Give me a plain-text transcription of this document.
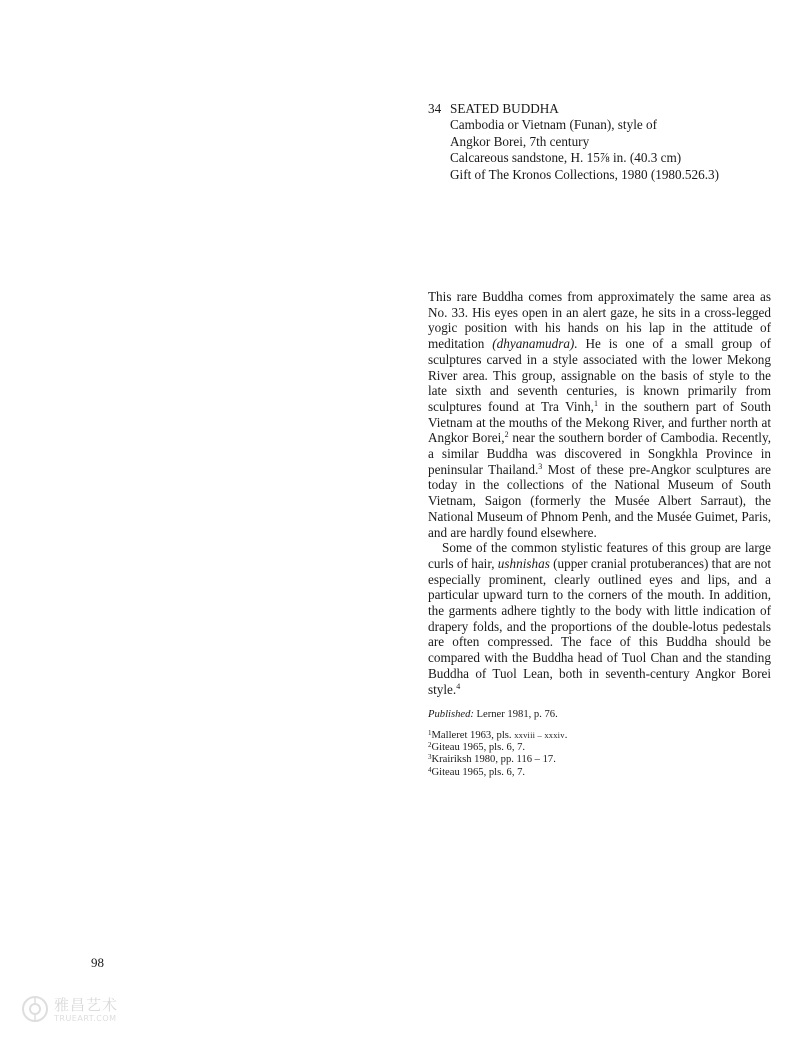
34 SEATED BUDDHA
Cambodia or Vietnam (Funan), style of
Angkor Borei, 7th century
Calcareous sandstone, H. 15⅞ in. (40.3 cm)
Gift of The Kronos Collections, 1980 (1980.526.3)

This rare Buddha comes from approximately the same area as No. 33. His eyes open in an alert gaze, he sits in a cross-legged yogic position with his hands on his lap in the attitude of meditation (dhyanamudra). He is one of a small group of sculptures carved in a style associated with the lower Mekong River area. This group, assignable on the basis of style to the late sixth and seventh centuries, is known primarily from sculptures found at Tra Vinh,$^1$ in the southern part of South Vietnam at the mouths of the Mekong River, and further north at Angkor Borei,$^2$ near the southern border of Cambodia. Recently, a similar Buddha was discovered in Songkhla Province in peninsular Thailand.$^3$ Most of these pre-Angkor sculptures are today in the collections of the National Museum of South Vietnam, Saigon (formerly the Musée Albert Sarraut), the National Museum of Phnom Penh, and the Musée Guimet, Paris, and are hardly found elsewhere.

Some of the common stylistic features of this group are large curls of hair, ushnishas (upper cranial protuberances) that are not especially prominent, clearly outlined eyes and lips, and a particular upward turn to the corners of the mouth. In addition, the garments adhere tightly to the body with little indication of drapery folds, and the proportions of the double-lotus pedestals are often compressed. The face of this Buddha should be compared with the Buddha head of Tuol Chan and the standing Buddha of Tuol Lean, both in seventh-century Angkor Borei style.$^4$

Published: Lerner 1981, p. 76.
$^1$Malleret 1963, pls. xxviii – xxxiv.
$^2$Giteau 1965, pls. 6, 7.
$^3$Krairiksh 1980, pp. 116 – 17.
$^4$Giteau 1965, pls. 6, 7.
98
雅昌艺术
TRUEART.COM
